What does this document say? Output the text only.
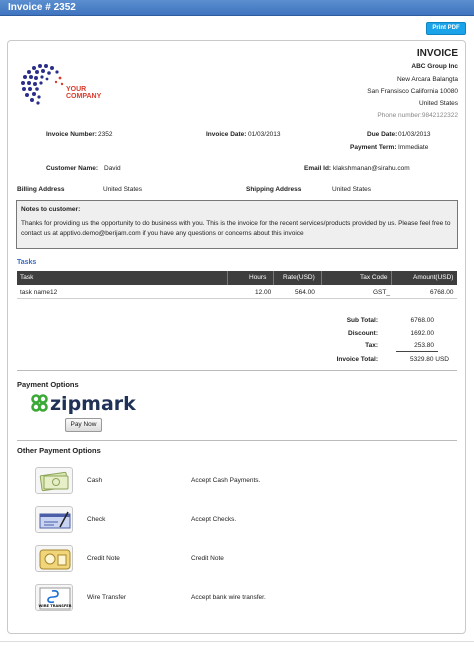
Invoice # 2352
Print PDF
YOUR
COMPANY
INVOICE
ABC Group Inc
New Arcara Balangta
San Fransisco California 10080
United States
Phone number:9842122322
Invoice Number: 2352	Invoice Date: 01/03/2013	Due Date: 01/03/2013
Payment Term: Immediate
Customer Name: David	Email Id: klakshmanan@sirahu.com
Billing Address	United States	Shipping Address	United States
Notes to customer:
Thanks for providing us the opportunity to do business with you. This is the invoice for the recent services/products provided by us. Please feel free to contact us at apptivo.demo@berijam.com if you have any questions or concerns about this invoice
Tasks
Task	Hours	Rate(USD)	Tax Code	Amount(USD)
task name12	12.00	564.00	GST_	6768.00
Sub Total:	6768.00
Discount:	1692.00
Tax:	253.80
Invoice Total:	5329.80 USD
Payment Options
zipmark
Pay Now
Other Payment Options
Cash	Accept Cash Payments.
Check	Accept Checks.
Credit Note	Credit Note
WIRE TRANSFER
Wire Transfer	Accept bank wire transfer.
